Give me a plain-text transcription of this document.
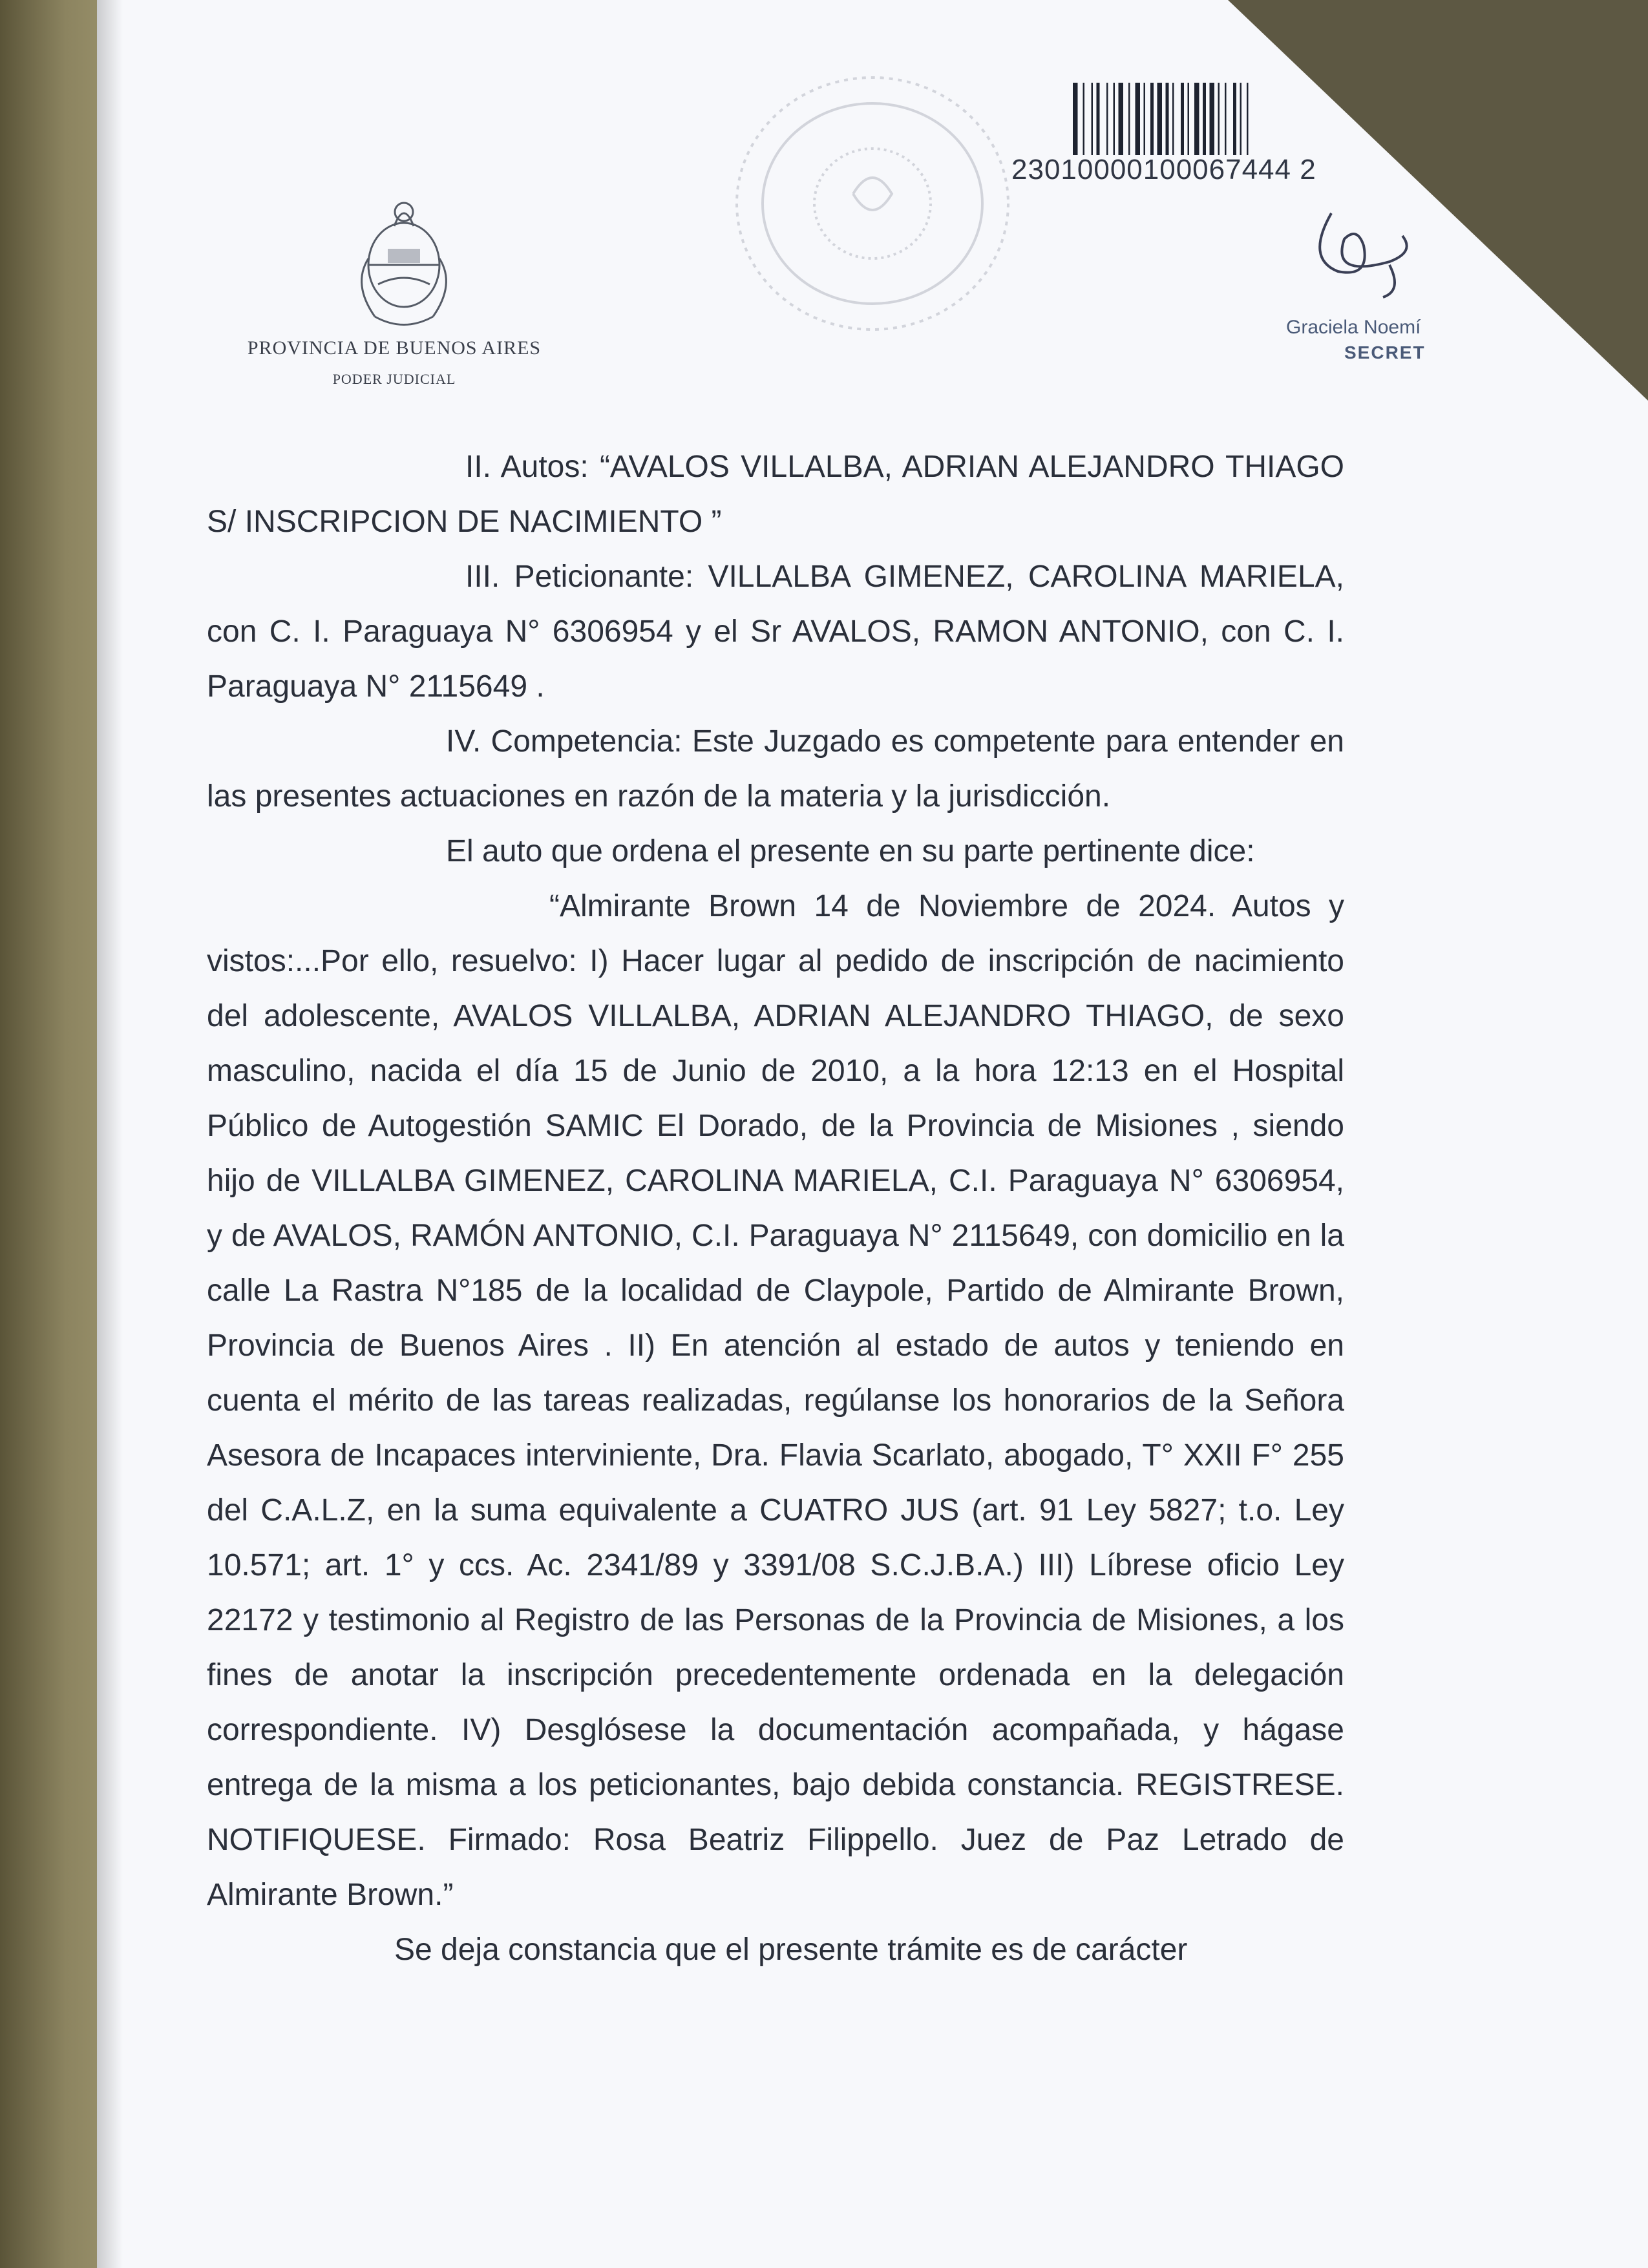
PROVINCIA DE BUENOS AIRES
PODER JUDICIAL
23010000100067444 2
Graciela Noemí
SECRET

II. Autos: “AVALOS VILLALBA, ADRIAN ALEJANDRO THIAGO S/ INSCRIPCION DE NACIMIENTO ”

III. Peticionante: VILLALBA GIMENEZ, CAROLINA MARIELA, con C. I. Paraguaya N° 6306954 y el Sr AVALOS, RAMON ANTONIO, con C. I. Paraguaya N° 2115649 .

IV. Competencia: Este Juzgado es competente para entender en las presentes actuaciones en razón de la materia y la jurisdicción.

El auto que ordena el presente en su parte pertinente dice:

“Almirante Brown 14 de Noviembre de 2024. Autos y vistos:...Por ello, resuelvo: I) Hacer lugar al pedido de inscripción de nacimiento del adolescente, AVALOS VILLALBA, ADRIAN ALEJANDRO THIAGO, de sexo masculino, nacida el día 15 de Junio de 2010, a la hora 12:13 en el Hospital Público de Autogestión SAMIC El Dorado, de la Provincia de Misiones , siendo hijo de VILLALBA GIMENEZ, CAROLINA MARIELA, C.I. Paraguaya N° 6306954, y de AVALOS, RAMÓN ANTONIO, C.I. Paraguaya N° 2115649, con domicilio en la calle La Rastra N°185 de la localidad de Claypole, Partido de Almirante Brown, Provincia de Buenos Aires . II) En atención al estado de autos y teniendo en cuenta el mérito de las tareas realizadas, regúlanse los honorarios de la Señora Asesora de Incapaces interviniente, Dra. Flavia Scarlato, abogado, T° XXII F° 255 del C.A.L.Z, en la suma equivalente a CUATRO JUS (art. 91 Ley 5827; t.o. Ley 10.571; art. 1° y ccs. Ac. 2341/89 y 3391/08 S.C.J.B.A.) III) Líbrese oficio Ley 22172 y testimonio al Registro de las Personas de la Provincia de Misiones, a los fines de anotar la inscripción precedentemente ordenada en la delegación correspondiente. IV) Desglósese la documentación acompañada, y hágase entrega de la misma a los peticionantes, bajo debida constancia. REGISTRESE. NOTIFIQUESE. Firmado: Rosa Beatriz Filippello. Juez de Paz Letrado de Almirante Brown.”

Se deja constancia que el presente trámite es de carácter
